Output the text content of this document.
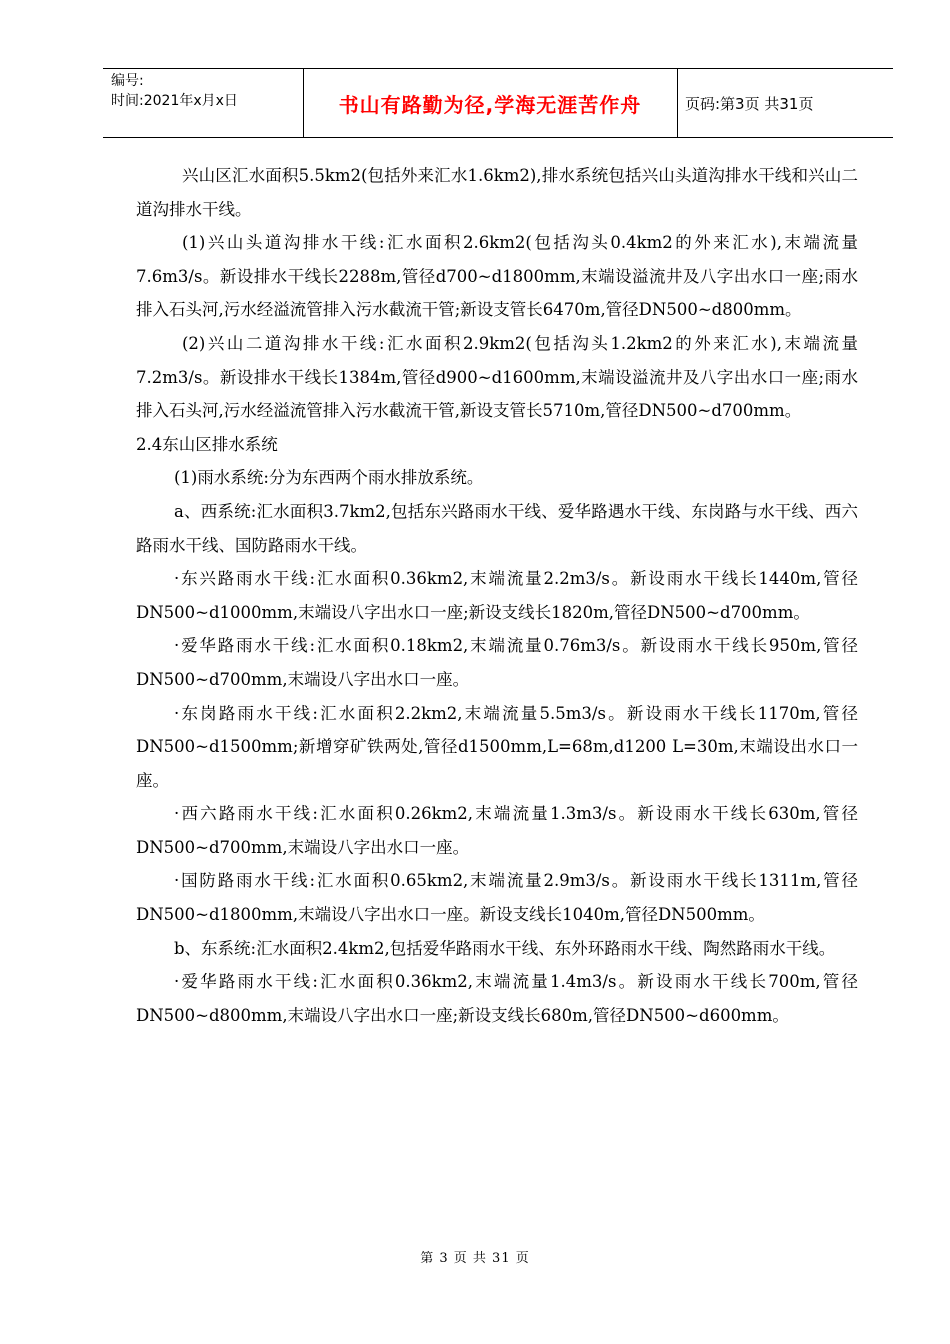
编号:
时间:2021年x月x日	书山有路勤为径,学海无涯苦作舟	页码:第3页 共31页

兴山区汇水面积5.5km2(包括外来汇水1.6km2),排水系统包括兴山头道沟排水干线和兴山二道沟排水干线。

(1)兴山头道沟排水干线:汇水面积2.6km2(包括沟头0.4km2的外来汇水),末端流量7.6m3/s。新设排水干线长2288m,管径d700~d1800mm,末端设溢流井及八字出水口一座;雨水排入石头河,污水经溢流管排入污水截流干管;新设支管长6470m,管径DN500~d800mm。

(2)兴山二道沟排水干线:汇水面积2.9km2(包括沟头1.2km2的外来汇水),末端流量7.2m3/s。新设排水干线长1384m,管径d900~d1600mm,末端设溢流井及八字出水口一座;雨水排入石头河,污水经溢流管排入污水截流干管,新设支管长5710m,管径DN500~d700mm。

2.4东山区排水系统

(1)雨水系统:分为东西两个雨水排放系统。

a、西系统:汇水面积3.7km2,包括东兴路雨水干线、爱华路遇水干线、东岗路与水干线、西六路雨水干线、国防路雨水干线。

·东兴路雨水干线:汇水面积0.36km2,末端流量2.2m3/s。新设雨水干线长1440m,管径DN500~d1000mm,末端设八字出水口一座;新设支线长1820m,管径DN500~d700mm。

·爱华路雨水干线:汇水面积0.18km2,末端流量0.76m3/s。新设雨水干线长950m,管径DN500~d700mm,末端设八字出水口一座。

·东岗路雨水干线:汇水面积2.2km2,末端流量5.5m3/s。新设雨水干线长1170m,管径DN500~d1500mm;新增穿矿铁两处,管径d1500mm,L=68m,d1200 L=30m,末端设出水口一座。

·西六路雨水干线:汇水面积0.26km2,末端流量1.3m3/s。新设雨水干线长630m,管径DN500~d700mm,末端设八字出水口一座。

·国防路雨水干线:汇水面积0.65km2,末端流量2.9m3/s。新设雨水干线长1311m,管径DN500~d1800mm,末端设八字出水口一座。新设支线长1040m,管径DN500mm。

b、东系统:汇水面积2.4km2,包括爱华路雨水干线、东外环路雨水干线、陶然路雨水干线。

·爱华路雨水干线:汇水面积0.36km2,末端流量1.4m3/s。新设雨水干线长700m,管径DN500~d800mm,末端设八字出水口一座;新设支线长680m,管径DN500~d600mm。

第 3 页 共 31 页
